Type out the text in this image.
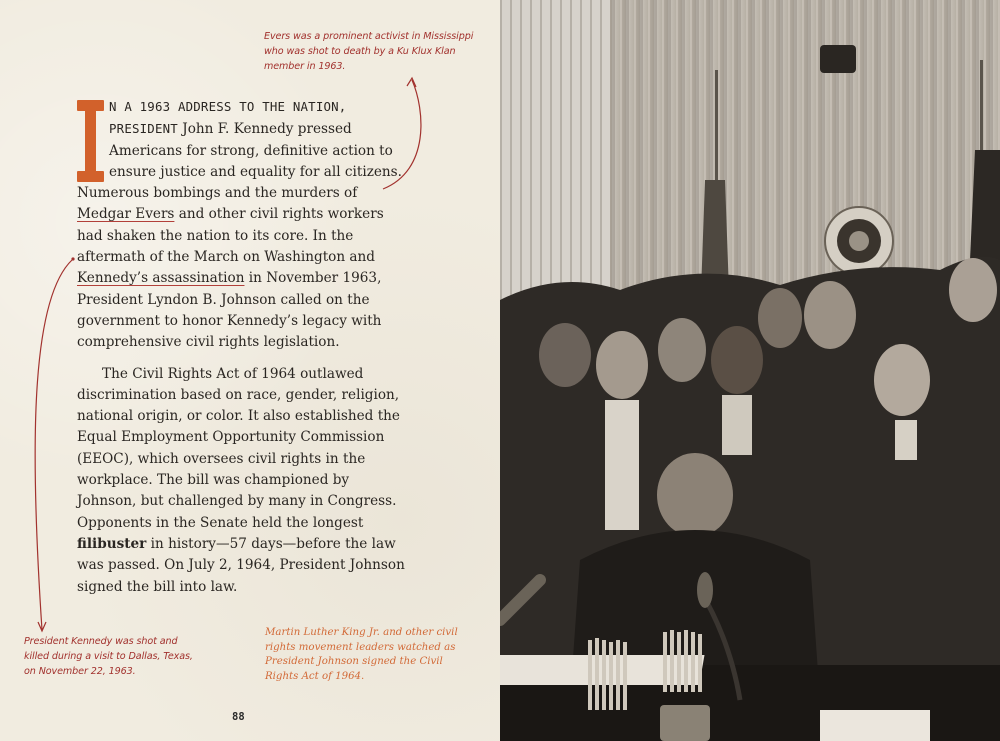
Evers was a prominent activist in Mississippi who was shot to death by a Ku Klux Klan member in 1963.

N A 1963 ADDRESS TO THE NATION, PRESIDENT John F. Kennedy pressed Americans for strong, definitive action to ensure justice and equality for all citizens. Numerous bombings and the murders of Medgar Evers and other civil rights workers had shaken the nation to its core. In the aftermath of the March on Washington and Kennedy’s assassination in November 1963, President Lyndon B. Johnson called on the government to honor Kennedy’s legacy with comprehensive civil rights legislation.

The Civil Rights Act of 1964 outlawed discrimination based on race, gender, religion, national origin, or color. It also established the Equal Employment Opportunity Commission (EEOC), which oversees civil rights in the workplace. The bill was championed by Johnson, but challenged by many in Congress. Opponents in the Senate held the longest filibuster in history—57 days—before the law was passed. On July 2, 1964, President Johnson signed the bill into law.

President Kennedy was shot and killed during a visit to Dallas, Texas, on November 22, 1963.
Martin Luther King Jr. and other civil rights movement leaders watched as President Johnson signed the Civil Rights Act of 1964.
88
